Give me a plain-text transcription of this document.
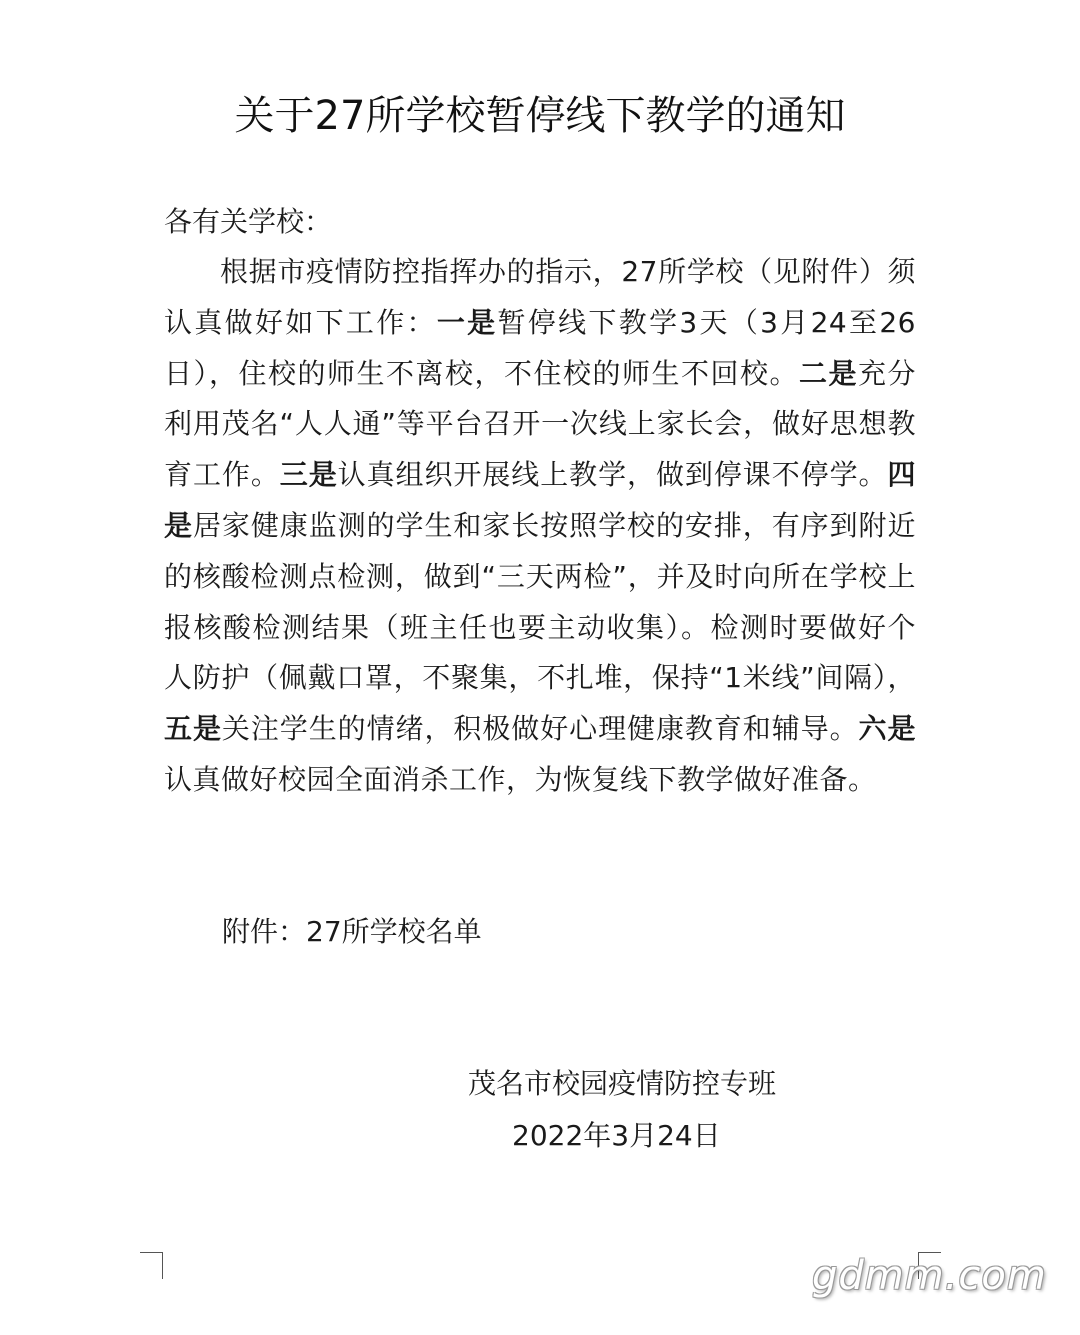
关于27所学校暂停线下教学的通知
各有关学校：

根据市疫情防控指挥办的指示，27所学校（见附件）须认真做好如下工作：一是暂停线下教学3天（3月24至26日），住校的师生不离校，不住校的师生不回校。二是充分利用茂名“人人通”等平台召开一次线上家长会，做好思想教育工作。三是认真组织开展线上教学，做到停课不停学。四是居家健康监测的学生和家长按照学校的安排，有序到附近的核酸检测点检测，做到“三天两检”，并及时向所在学校上报核酸检测结果（班主任也要主动收集）。检测时要做好个人防护（佩戴口罩，不聚集，不扎堆，保持“1米线”间隔），五是关注学生的情绪，积极做好心理健康教育和辅导。六是认真做好校园全面消杀工作，为恢复线下教学做好准备。

附件：27所学校名单
茂名市校园疫情防控专班
2022年3月24日
gdmm.com
